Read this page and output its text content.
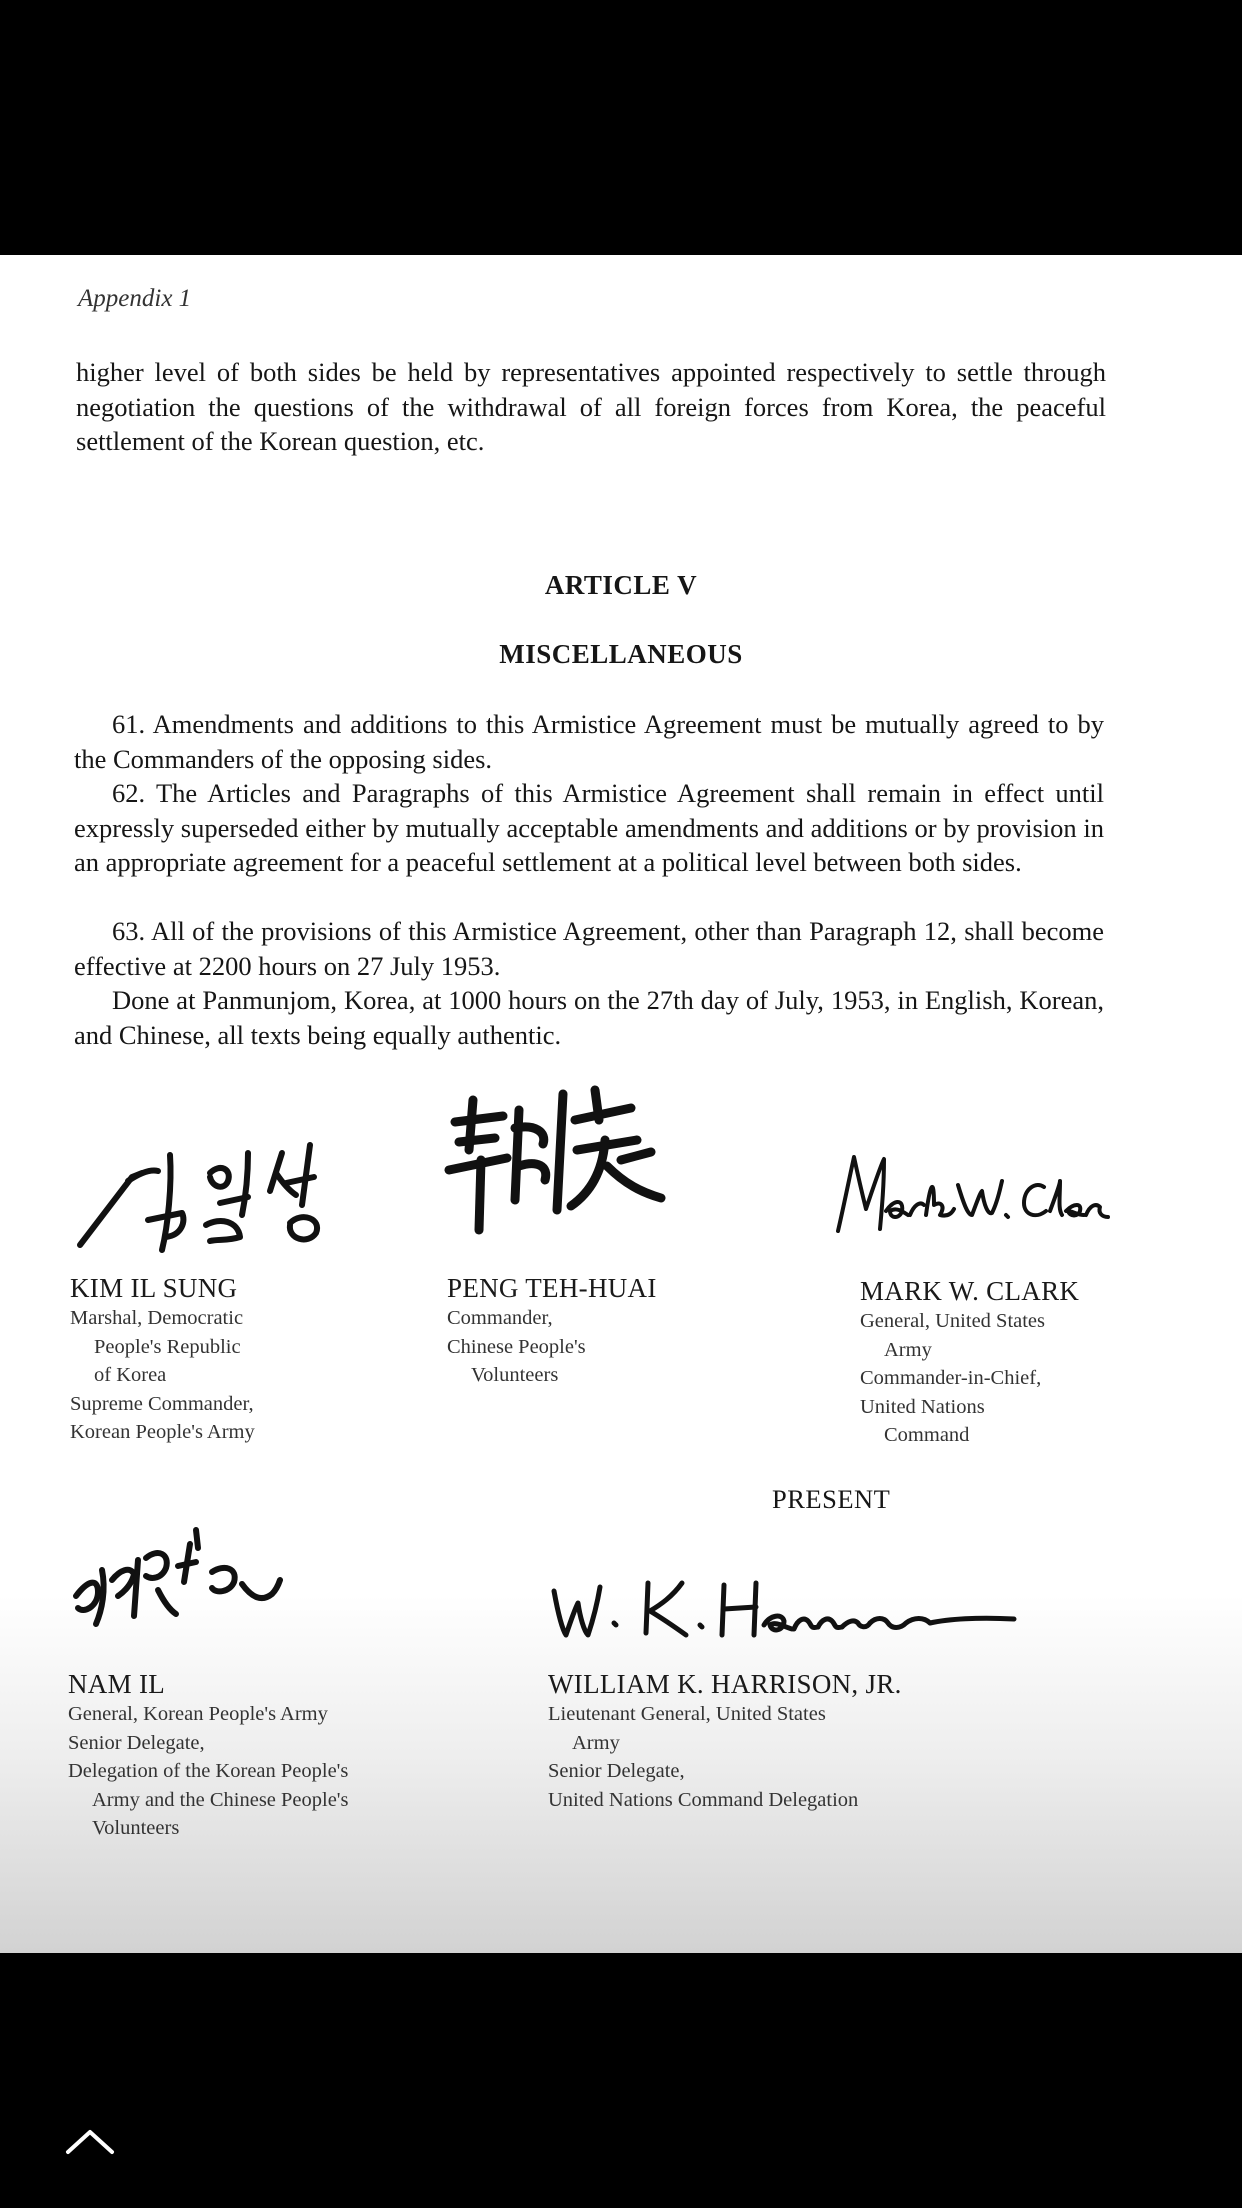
Appendix 1
higher level of both sides be held by representatives appointed respectively to settle through negotiation the questions of the withdrawal of all foreign forces from Korea, the peaceful settlement of the Korean question, etc.
ARTICLE V
MISCELLANEOUS

61. Amendments and additions to this Armistice Agreement must be mutually agreed to by the Commanders of the opposing sides.

62. The Articles and Paragraphs of this Armistice Agreement shall remain in effect until expressly superseded either by mutually acceptable amendments and additions or by provision in an appropriate agreement for a peaceful settlement at a political level between both sides.

63. All of the provisions of this Armistice Agreement, other than Paragraph 12, shall become effective at 2200 hours on 27 July 1953.

Done at Panmunjom, Korea, at 1000 hours on the 27th day of July, 1953, in English, Korean, and Chinese, all texts being equally authentic.

KIM IL SUNG
Marshal, Democratic
People's Republic
of Korea
Supreme Commander,
Korean People's Army
PENG TEH-HUAI
Commander,
Chinese People's
Volunteers
MARK W. CLARK
General, United States
Army
Commander-in-Chief,
United Nations
Command
PRESENT
NAM IL
General, Korean People's Army
Senior Delegate,
Delegation of the Korean People's
Army and the Chinese People's
Volunteers
WILLIAM K. HARRISON, JR.
Lieutenant General, United States
Army
Senior Delegate,
United Nations Command Delegation
